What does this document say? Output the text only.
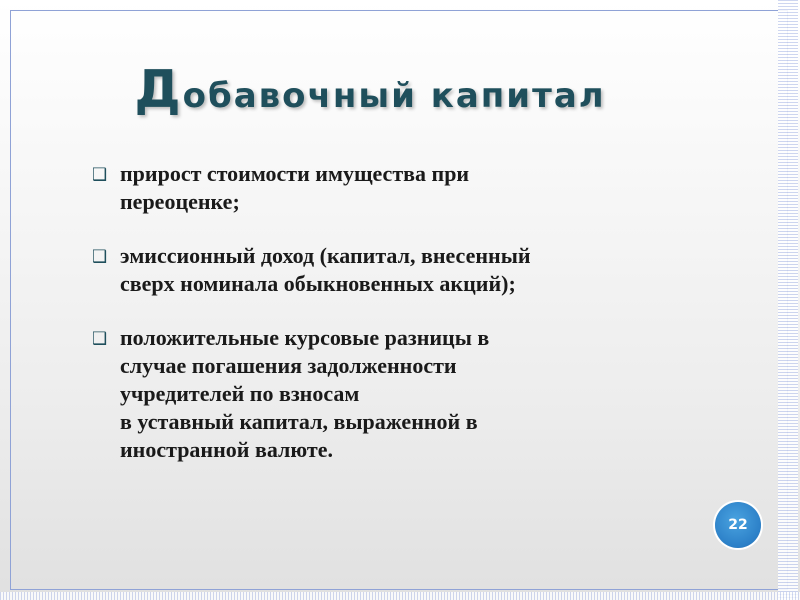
Добавочный капитал
❑ прирост стоимости имущества при
переоценке;
❑ эмиссионный доход (капитал, внесенный
сверх номинала обыкновенных акций);
❑ положительные курсовые разницы в
случае погашения задолженности
учредителей по взносам
в уставный капитал, выраженной в
иностранной валюте.
22
